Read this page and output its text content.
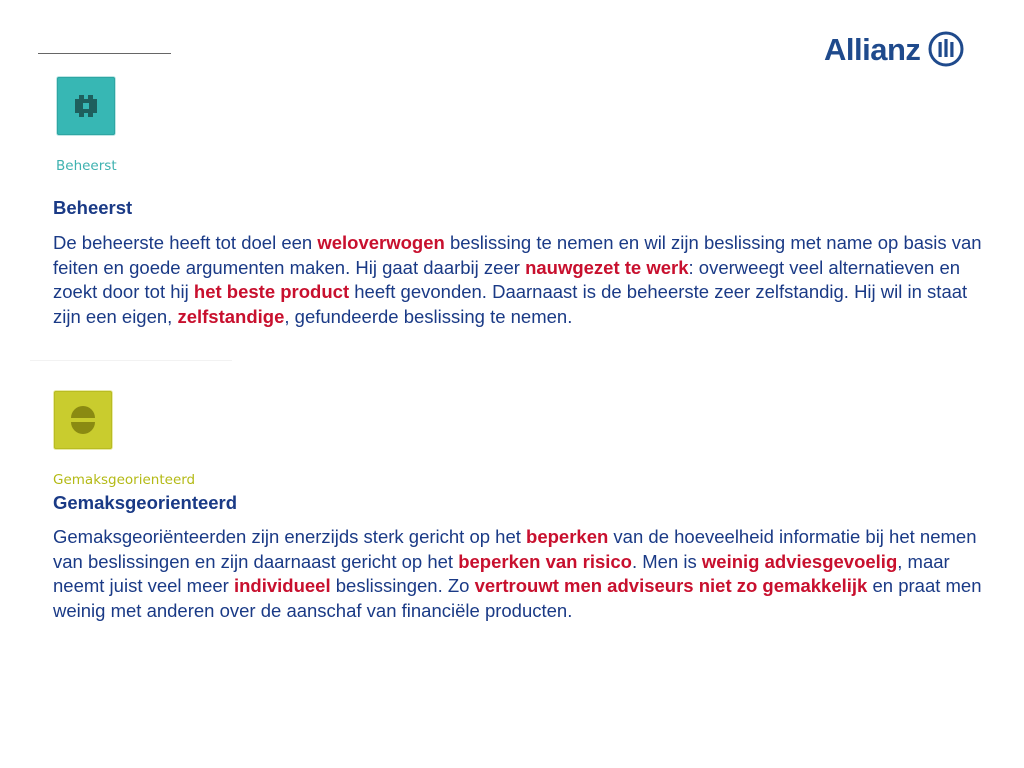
Allianz
Beheerst
Beheerst

De beheerste heeft tot doel een weloverwogen beslissing te nemen en wil zijn beslissing met name op basis van feiten en goede argumenten maken. Hij gaat daarbij zeer nauwgezet te werk: overweegt veel alternatieven en zoekt door tot hij het beste product heeft gevonden. Daarnaast is de beheerste zeer zelfstandig. Hij wil in staat zijn een eigen, zelfstandige, gefundeerde beslissing te nemen.

Gemaksgeorienteerd
Gemaksgeorienteerd

Gemaksgeoriënteerden zijn enerzijds sterk gericht op het beperken van de hoeveelheid informatie bij het nemen van beslissingen en zijn daarnaast gericht op het beperken van risico. Men is weinig adviesgevoelig, maar neemt juist veel meer individueel beslissingen. Zo vertrouwt men adviseurs niet zo gemakkelijk en praat men weinig met anderen over de aanschaf van financiële producten.
